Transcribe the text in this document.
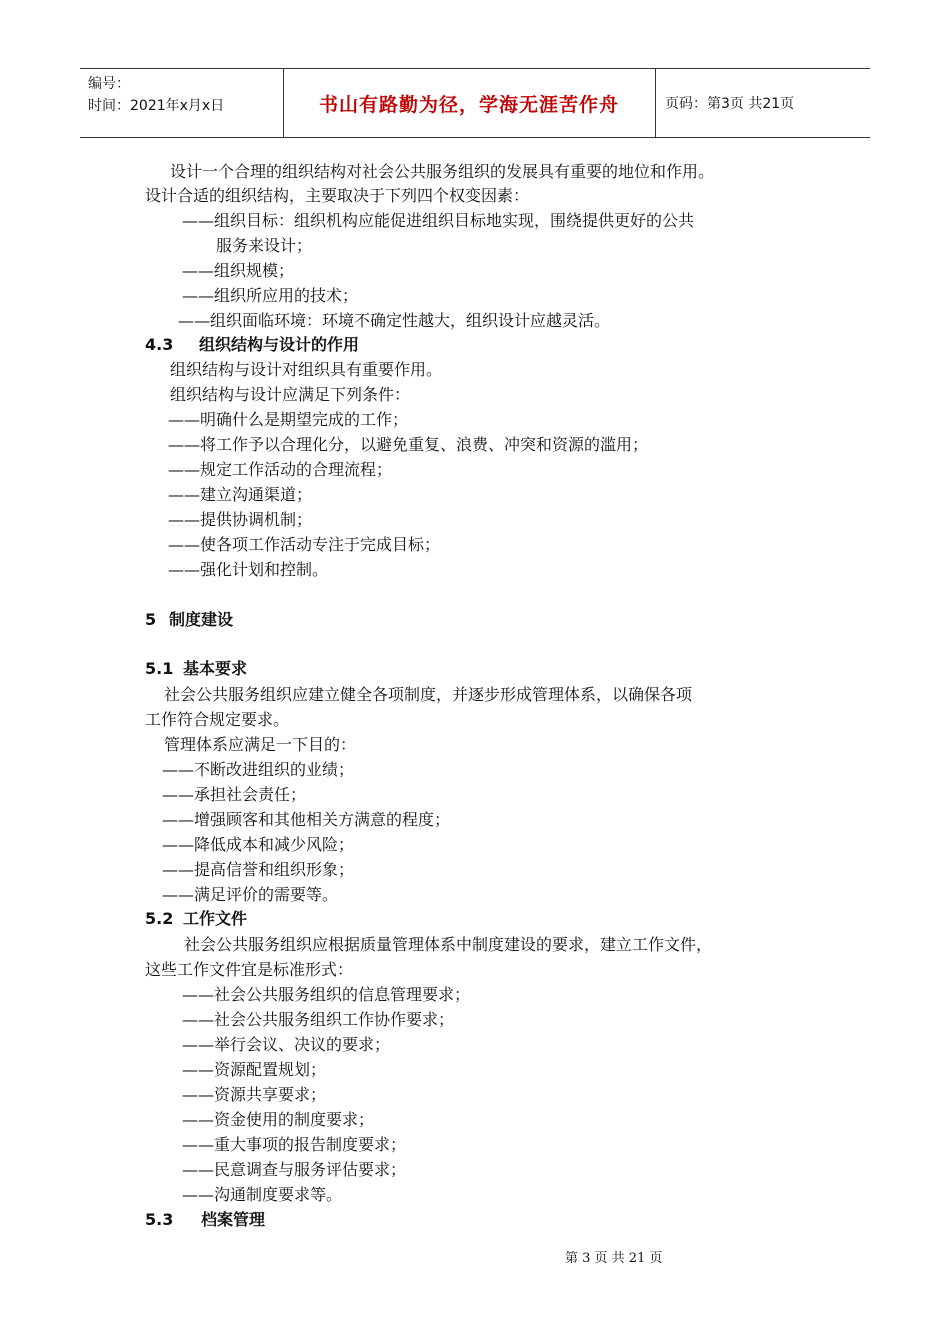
编号：
时间：2021年x月x日	书山有路勤为径，学海无涯苦作舟	页码：第3页 共21页
设计一个合理的组织结构对社会公共服务组织的发展具有重要的地位和作用。
设计合适的组织结构，主要取决于下列四个权变因素：
——组织目标：组织机构应能促进组织目标地实现，围绕提供更好的公共
服务来设计；
——组织规模；
——组织所应用的技术；
——组织面临环境：环境不确定性越大，组织设计应越灵活。
4.3 组织结构与设计的作用
组织结构与设计对组织具有重要作用。
组织结构与设计应满足下列条件：
——明确什么是期望完成的工作；
——将工作予以合理化分，以避免重复、浪费、冲突和资源的滥用；
——规定工作活动的合理流程；
——建立沟通渠道；
——提供协调机制；
——使各项工作活动专注于完成目标；
——强化计划和控制。
5 制度建设
5.1 基本要求
社会公共服务组织应建立健全各项制度，并逐步形成管理体系，以确保各项
工作符合规定要求。
管理体系应满足一下目的：
——不断改进组织的业绩；
——承担社会责任；
——增强顾客和其他相关方满意的程度；
——降低成本和减少风险；
——提高信誉和组织形象；
——满足评价的需要等。
5.2 工作文件
社会公共服务组织应根据质量管理体系中制度建设的要求，建立工作文件，
这些工作文件宜是标准形式：
——社会公共服务组织的信息管理要求；
——社会公共服务组织工作协作要求；
——举行会议、决议的要求；
——资源配置规划；
——资源共享要求；
——资金使用的制度要求；
——重大事项的报告制度要求；
——民意调查与服务评估要求；
——沟通制度要求等。
5.3 档案管理
第 3 页 共 21 页
